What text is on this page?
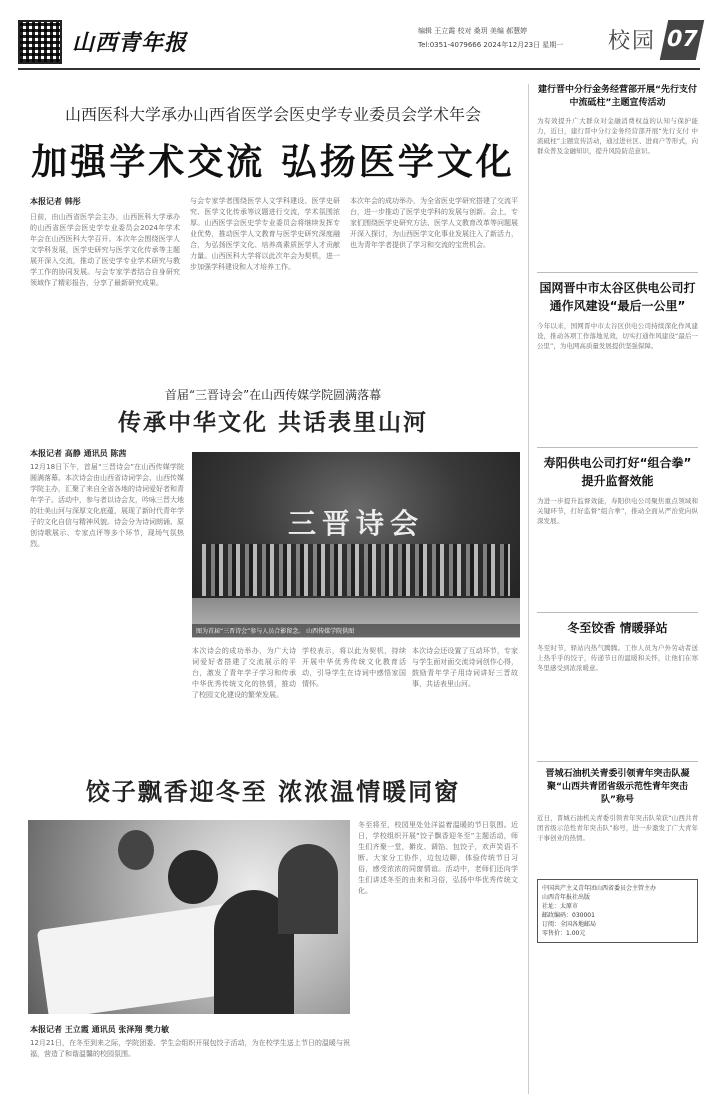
山西青年报	编辑 王立霞 校对 桑玥 美编 郝慧婷
Tel:0351-4079666 2024年12月23日 星期一 校园 07
山西医科大学承办山西省医学会医史学专业委员会学术年会
加强学术交流 弘扬医学文化
本报记者 韩彤
日前，由山西省医学会主办，山西医科大学承办的山西省医学会医史学专业委员会2024年学术年会在山西医科大学召开。本次年会围绕医学人文学科发展，医学史研究与医学文化传承等主题展开深入交流，推动了医史学专业学术研究与教学工作的协同发展。与会专家学者结合自身研究领域作了精彩报告，分享了最新研究成果。
与会专家学者围绕医学人文学科建设、医学史研究、医学文化传承等议题进行交流，学术氛围浓厚。山西医学会医史学专业委员会将继续发挥专业优势，推动医学人文教育与医学史研究深度融合，为弘扬医学文化、培养高素质医学人才贡献力量。山西医科大学将以此次年会为契机，进一步加强学科建设和人才培养工作。
本次年会的成功举办，为全省医史学研究搭建了交流平台，进一步推动了医学史学科的发展与创新。会上，专家们围绕医学史研究方法、医学人文教育改革等问题展开深入探讨，为山西医学文化事业发展注入了新活力，也为青年学者提供了学习和交流的宝贵机会。
首届“三晋诗会”在山西传媒学院圆满落幕
传承中华文化 共话表里山河
本报记者 高静 通讯员 陈茜
12月18日下午，首届“三晋诗会”在山西传媒学院圆满落幕。本次诗会由山西省诗词学会、山西传媒学院主办，汇聚了来自全省各地的诗词爱好者和青年学子。活动中，参与者以诗会友，吟咏三晋大地的壮美山河与深厚文化底蕴，展现了新时代青年学子的文化自信与精神风貌。诗会分为诗词朗诵、原创诗歌展示、专家点评等多个环节，现场气氛热烈。
三晋诗会
图为首届“三晋诗会”参与人员合影留念。 山西传媒学院供图
本次诗会的成功举办，为广大诗词爱好者搭建了交流展示的平台，激发了青年学子学习和传承中华优秀传统文化的热情，推动了校园文化建设的繁荣发展。
学校表示，将以此为契机，持续开展中华优秀传统文化教育活动，引导学生在诗词中感悟家国情怀。
本次诗会还设置了互动环节，专家与学生面对面交流诗词创作心得，鼓励青年学子用诗词讲好三晋故事，共话表里山河。
饺子飘香迎冬至 浓浓温情暖同窗
冬至将至，校园里处处洋溢着温暖的节日氛围。近日，学校组织开展“饺子飘香迎冬至”主题活动，师生们齐聚一堂，擀皮、调馅、包饺子，欢声笑语不断。大家分工协作，边包边聊，体验传统节日习俗，感受浓浓的同窗情谊。活动中，老师们还向学生们讲述冬至的由来和习俗，弘扬中华优秀传统文化。
本报记者 王立霞 通讯员 张泽翔 樊力敏
12月21日，在冬至到来之际，学院团委、学生会组织开展包饺子活动，为在校学生送上节日的温暖与祝福，营造了和谐温馨的校园氛围。
建行晋中分行金务经营部开展“先行支付 中流砥柱”主题宣传活动
为有效提升广大群众对金融消费权益的认知与保护能力，近日，建行晋中分行金务经营部开展“先行支付 中流砥柱”主题宣传活动，通过进社区、进商户等形式，向群众普及金融知识，提升风险防范意识。
国网晋中市太谷区供电公司打通作风建设“最后一公里”
今年以来，国网晋中市太谷区供电公司持续深化作风建设，推动各项工作落地见效，切实打通作风建设“最后一公里”，为电网高质量发展提供坚强保障。
寿阳供电公司打好“组合拳” 提升监督效能
为进一步提升监督效能，寿阳供电公司聚焦重点领域和关键环节，打好监督“组合拳”，推动全面从严治党向纵深发展。
冬至饺香 情暖驿站
冬至时节，驿站内热气腾腾。工作人员为户外劳动者送上热乎乎的饺子，传递节日的温暖和关怀，让他们在寒冬里感受到浓浓暖意。
晋城石油机关青委引领青年突击队凝聚“山西共青团省级示范性青年突击队”称号
近日，晋城石油机关青委引领青年突击队荣获“山西共青团省级示范性青年突击队”称号，进一步激发了广大青年干事创业的热情。
中国共产主义青年团山西省委员会主管主办
山西青年报社出版
社址：太原市
邮政编码：030001
订阅：全国各地邮局
零售价：1.00元
